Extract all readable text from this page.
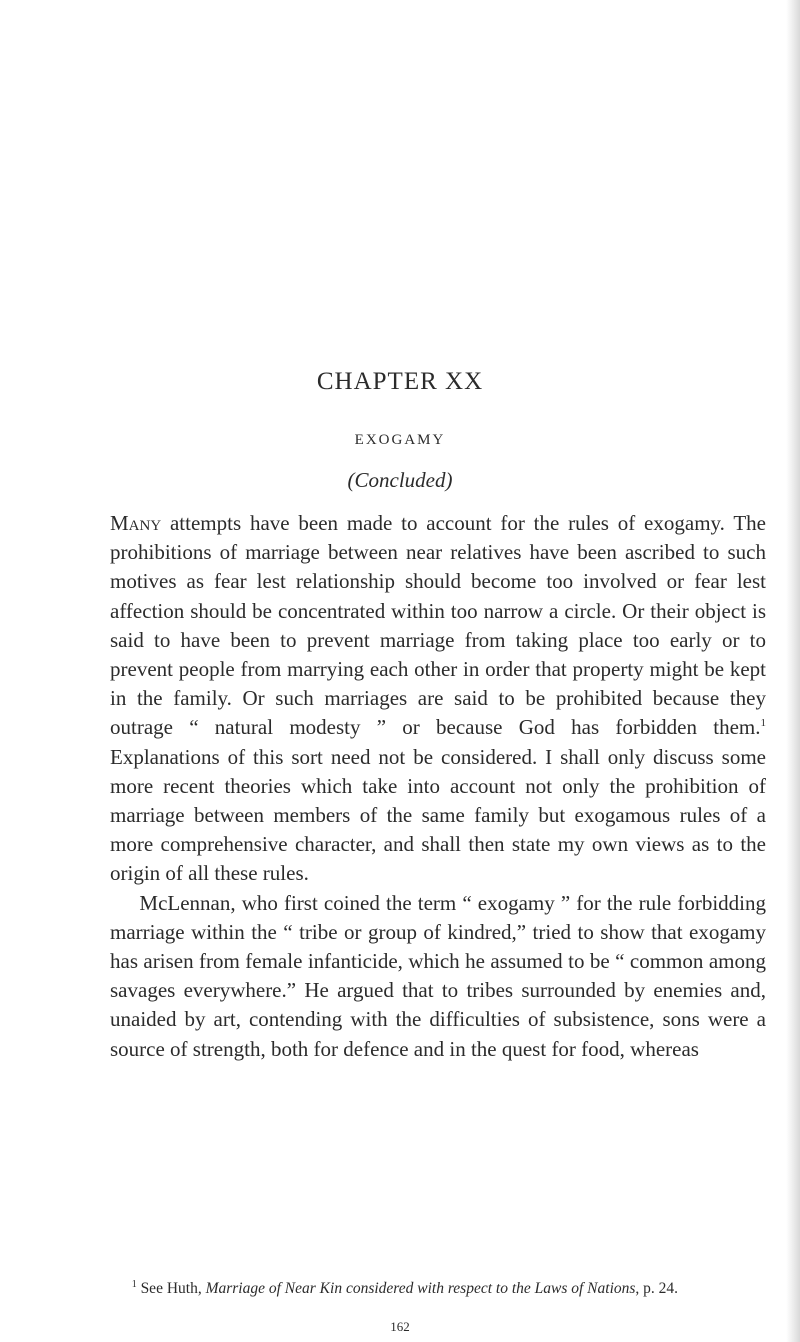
CHAPTER XX
EXOGAMY

(Concluded)

Many attempts have been made to account for the rules of exogamy. The prohibitions of marriage between near relatives have been ascribed to such motives as fear lest relationship should become too involved or fear lest affection should be concentrated within too narrow a circle. Or their object is said to have been to prevent marriage from taking place too early or to prevent people from marrying each other in order that property might be kept in the family. Or such marriages are said to be prohibited because they outrage “ natural modesty ” or because God has forbidden them.$^1$ Explanations of this sort need not be considered. I shall only discuss some more recent theories which take into account not only the prohibition of marriage between members of the same family but exogamous rules of a more comprehensive character, and shall then state my own views as to the origin of all these rules.

McLennan, who first coined the term “ exogamy ” for the rule forbidding marriage within the “ tribe or group of kindred,” tried to show that exogamy has arisen from female infanticide, which he assumed to be “ common among savages everywhere.” He argued that to tribes surrounded by enemies and, unaided by art, contending with the difficulties of subsistence, sons were a source of strength, both for defence and in the quest for food, whereas

$^1$ See Huth, Marriage of Near Kin considered with respect to the Laws of Nations, p. 24.

162
